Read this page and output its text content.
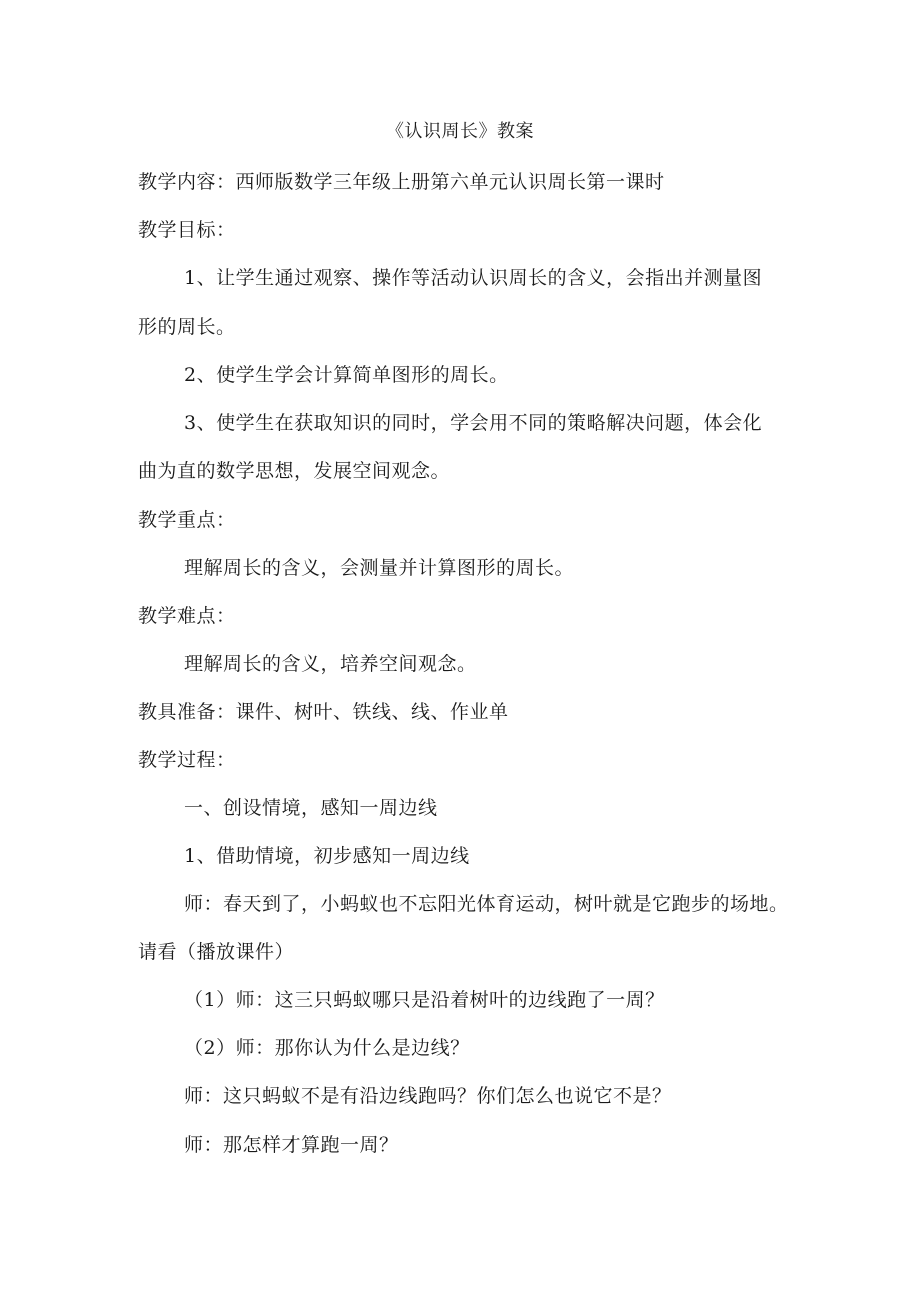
《认识周长》教案
教学内容：西师版数学三年级上册第六单元认识周长第一课时
教学目标：
1、让学生通过观察、操作等活动认识周长的含义，会指出并测量图
形的周长。
2、使学生学会计算简单图形的周长。
3、使学生在获取知识的同时，学会用不同的策略解决问题，体会化
曲为直的数学思想，发展空间观念。
教学重点：
理解周长的含义，会测量并计算图形的周长。
教学难点：
理解周长的含义，培养空间观念。
教具准备：课件、树叶、铁线、线、作业单
教学过程：
一、创设情境，感知一周边线
1、借助情境，初步感知一周边线
师：春天到了，小蚂蚁也不忘阳光体育运动，树叶就是它跑步的场地。
请看（播放课件）
（1）师：这三只蚂蚁哪只是沿着树叶的边线跑了一周？
（2）师：那你认为什么是边线？
师：这只蚂蚁不是有沿边线跑吗？你们怎么也说它不是？
师：那怎样才算跑一周？
